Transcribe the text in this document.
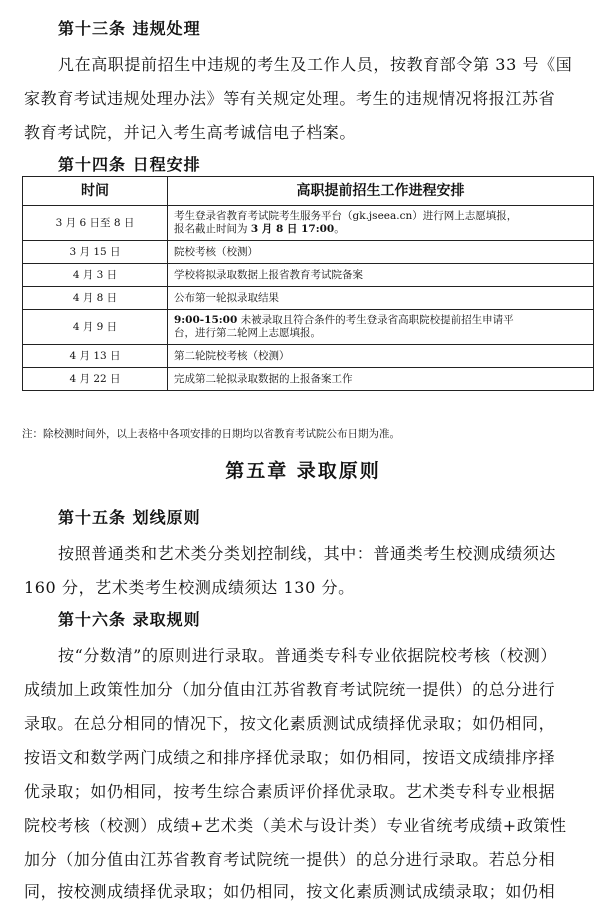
第十三条 违规处理
凡在高职提前招生中违规的考生及工作人员，按教育部令第 33 号《国
家教育考试违规处理办法》等有关规定处理。考生的违规情况将报江苏省
教育考试院，并记入考生高考诚信电子档案。
第十四条 日程安排
时间	高职提前招生工作进程安排
3 月 6 日至 8 日	考生登录省教育考试院考生服务平台（gk.jseea.cn）进行网上志愿填报，
报名截止时间为 3 月 8 日 17:00。

3 月 15 日	院校考核（校测）
4 月 3 日	学校将拟录取数据上报省教育考试院备案
4 月 8 日	公布第一轮拟录取结果
4 月 9 日	9:00-15:00 未被录取且符合条件的考生登录省高职院校提前招生申请平
台，进行第二轮网上志愿填报。

4 月 13 日	第二轮院校考核（校测）
4 月 22 日	完成第二轮拟录取数据的上报备案工作
注：除校测时间外，以上表格中各项安排的日期均以省教育考试院公布日期为准。
第五章 录取原则
第十五条 划线原则
按照普通类和艺术类分类划控制线，其中：普通类考生校测成绩须达
160 分，艺术类考生校测成绩须达 130 分。
第十六条 录取规则
按“分数清”的原则进行录取。普通类专科专业依据院校考核（校测）
成绩加上政策性加分（加分值由江苏省教育考试院统一提供）的总分进行
录取。在总分相同的情况下，按文化素质测试成绩择优录取；如仍相同，
按语文和数学两门成绩之和排序择优录取；如仍相同，按语文成绩排序择
优录取；如仍相同，按考生综合素质评价择优录取。艺术类专科专业根据
院校考核（校测）成绩+艺术类（美术与设计类）专业省统考成绩+政策性
加分（加分值由江苏省教育考试院统一提供）的总分进行录取。若总分相
同，按校测成绩择优录取；如仍相同，按文化素质测试成绩录取；如仍相
